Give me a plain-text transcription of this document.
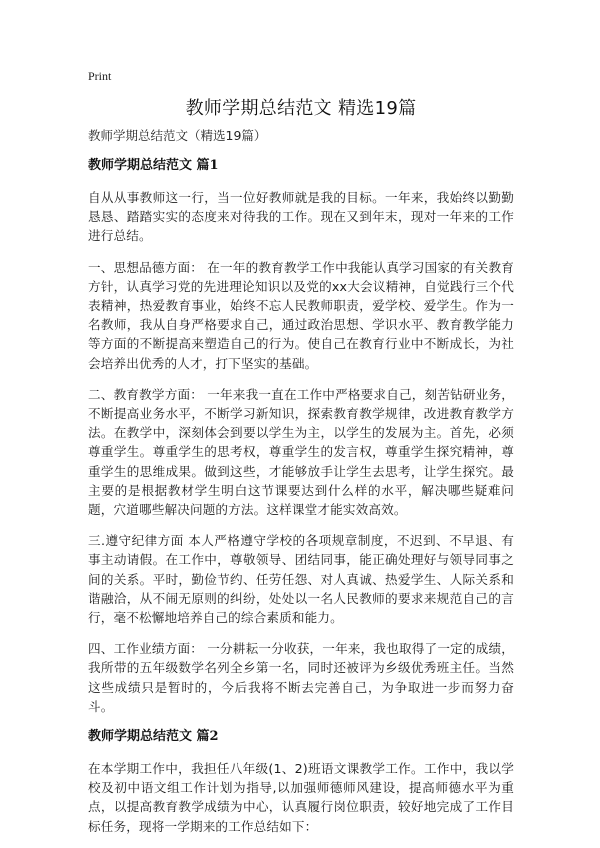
Print
教师学期总结范文 精选19篇
教师学期总结范文（精选19篇）
教师学期总结范文 篇1

自从从事教师这一行，当一位好教师就是我的目标。一年来，我始终以勤勤恳恳、踏踏实实的态度来对待我的工作。现在又到年末，现对一年来的工作进行总结。

一、思想品德方面： 在一年的教育教学工作中我能认真学习国家的有关教育方针，认真学习党的先进理论知识以及党的xx大会议精神，自觉践行三个代表精神，热爱教育事业，始终不忘人民教师职责，爱学校、爱学生。作为一名教师，我从自身严格要求自己，通过政治思想、学识水平、教育教学能力等方面的不断提高来塑造自己的行为。使自己在教育行业中不断成长，为社会培养出优秀的人才，打下坚实的基础。

二、教育教学方面： 一年来我一直在工作中严格要求自己，刻苦钻研业务，不断提高业务水平，不断学习新知识，探索教育教学规律，改进教育教学方法。在教学中，深刻体会到要以学生为主，以学生的发展为主。首先，必须尊重学生。尊重学生的思考权，尊重学生的发言权，尊重学生探究精神，尊重学生的思维成果。做到这些，才能够放手让学生去思考，让学生探究。最主要的是根据教材学生明白这节课要达到什么样的水平，解决哪些疑难问题，穴道哪些解决问题的方法。这样课堂才能实效高效。

三.遵守纪律方面 本人严格遵守学校的各项规章制度，不迟到、不早退、有事主动请假。在工作中，尊敬领导、团结同事，能正确处理好与领导同事之间的关系。平时，勤俭节约、任劳任怨、对人真诚、热爱学生、人际关系和谐融洽，从不闹无原则的纠纷，处处以一名人民教师的要求来规范自己的言行，毫不松懈地培养自己的综合素质和能力。

四、工作业绩方面： 一分耕耘一分收获，一年来，我也取得了一定的成绩，我所带的五年级数学名列全乡第一名，同时还被评为乡级优秀班主任。当然这些成绩只是暂时的，今后我将不断去完善自己，为争取进一步而努力奋斗。

教师学期总结范文 篇2

在本学期工作中，我担任八年级(1、2)班语文课教学工作。工作中，我以学校及初中语文组工作计划为指导,以加强师德师风建设，提高师德水平为重点，以提高教育教学成绩为中心，认真履行岗位职责，较好地完成了工作目标任务，现将一学期来的工作总结如下：
